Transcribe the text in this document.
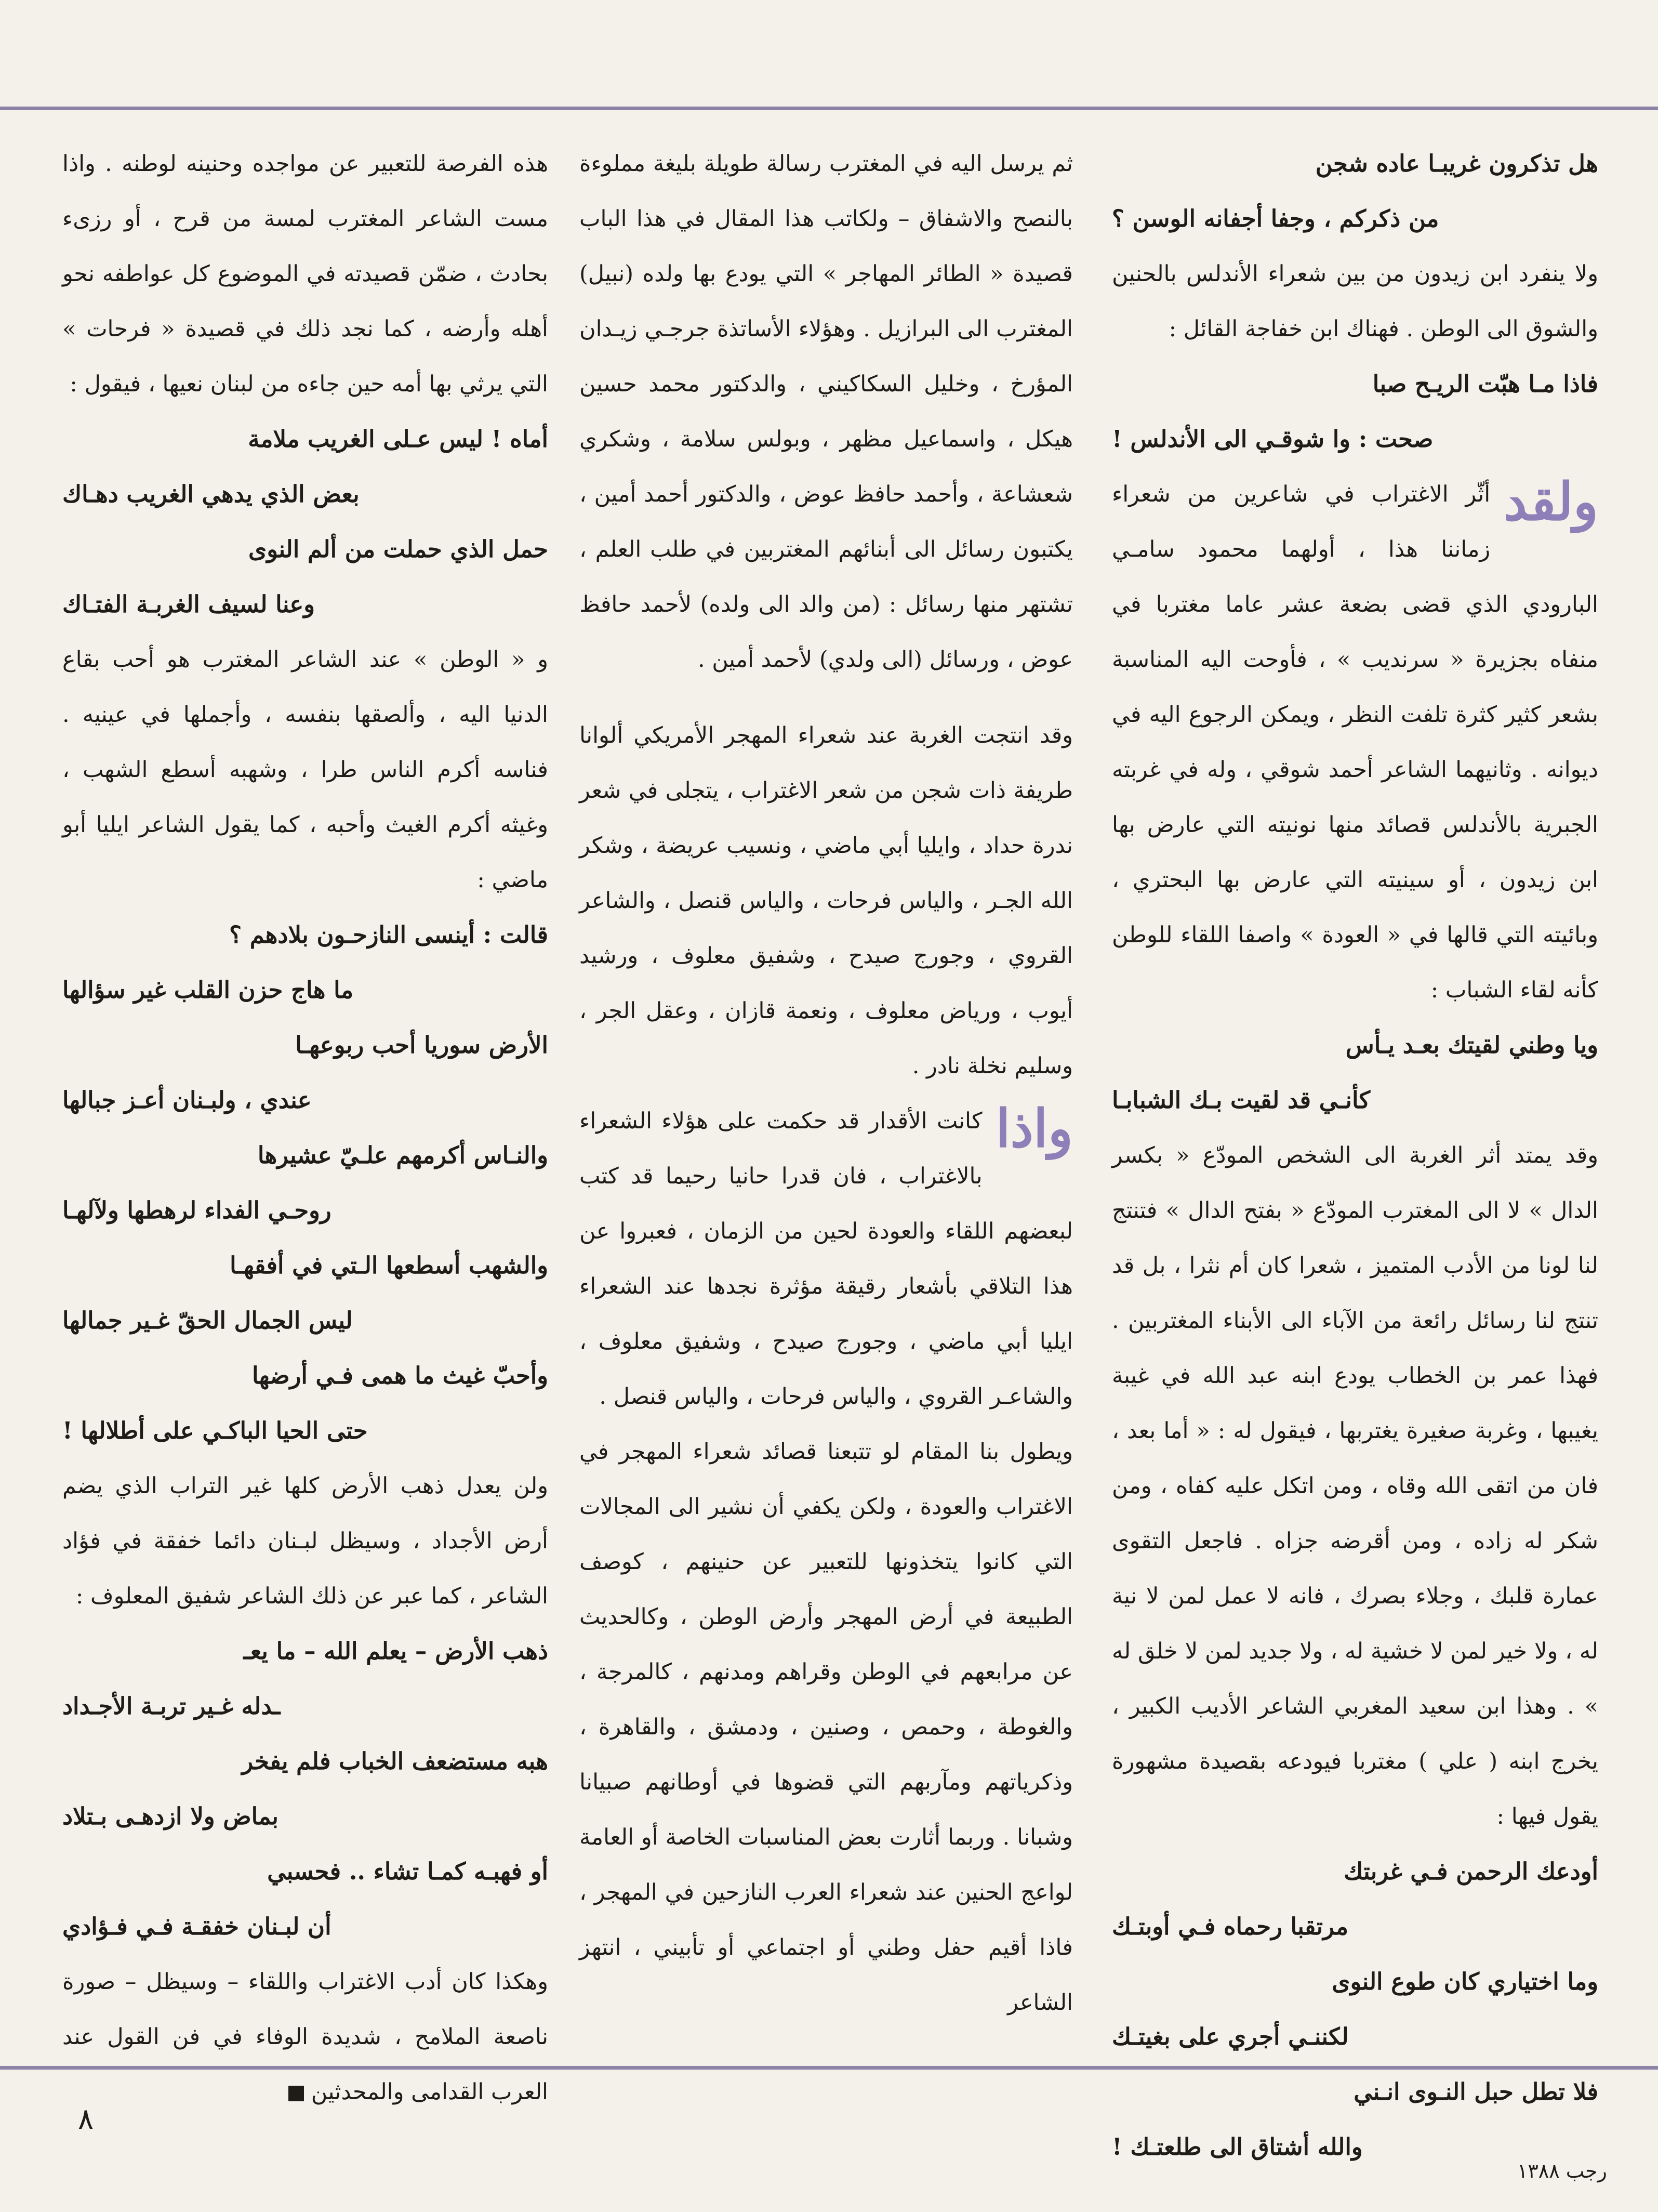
هل تذكرون غريبـا عاده شجن

من ذكركم ، وجفا أجفانه الوسن ؟

ولا ينفرد ابن زيدون من بين شعراء الأندلس بالحنين والشوق الى الوطن . فهناك ابن خفاجة القائل :

فاذا مـا هبّت الريـح صبا

صحت : وا شوقـي الى الأندلس !

ولقد
أثّر الاغتراب في شاعرين من شعراء زماننا هذا ، أولهما محمود سامـي البارودي الذي قضى بضعة عشر عاما مغتربا في منفاه بجزيرة « سرنديب » ، فأوحت اليه المناسبة بشعر كثير كثرة تلفت النظر ، ويمكن الرجوع اليه في ديوانه . وثانيهما الشاعر أحمد شوقي ، وله في غربته الجبرية بالأندلس قصائد منها نونيته التي عارض بها ابن زيدون ، أو سينيته التي عارض بها البحتري ، وبائيته التي قالها في « العودة » واصفا اللقاء للوطن كأنه لقاء الشباب :

ويا وطني لقيتك بعـد يـأس

كأنـي قد لقيت بـك الشبابـا

وقد يمتد أثر الغربة الى الشخص المودّع « بكسر الدال » لا الى المغترب المودّع « بفتح الدال » فتنتج لنا لونا من الأدب المتميز ، شعرا كان أم نثرا ، بل قد تنتج لنا رسائل رائعة من الآباء الى الأبناء المغتربين . فهذا عمر بن الخطاب يودع ابنه عبد الله في غيبة يغيبها ، وغربة صغيرة يغتربها ، فيقول له : « أما بعد ، فان من اتقى الله وقاه ، ومن اتكل عليه كفاه ، ومن شكر له زاده ، ومن أقرضه جزاه . فاجعل التقوى عمارة قلبك ، وجلاء بصرك ، فانه لا عمل لمن لا نية له ، ولا خير لمن لا خشية له ، ولا جديد لمن لا خلق له » . وهذا ابن سعيد المغربي الشاعر الأديب الكبير ، يخرج ابنه ( علي ) مغتربا فيودعه بقصيدة مشهورة يقول فيها :

أودعك الرحمن فـي غربتك

مرتقبا رحماه فـي أوبتـك

وما اختياري كان طوع النوى

لكننـي أجري على بغيتـك

فلا تطل حبل النـوى انـني

والله أشتاق الى طلعتـك !

ثم يرسل اليه في المغترب رسالة طويلة بليغة مملوءة بالنصح والاشفاق – ولكاتب هذا المقال في هذا الباب قصيدة « الطائر المهاجر » التي يودع بها ولده (نبيل) المغترب الى البرازيل . وهؤلاء الأساتذة جرجـي زيـدان المؤرخ ، وخليل السكاكيني ، والدكتور محمد حسين هيكل ، واسماعيل مظهر ، وبولس سلامة ، وشكري شعشاعة ، وأحمد حافظ عوض ، والدكتور أحمد أمين ، يكتبون رسائل الى أبنائهم المغتربين في طلب العلم ، تشتهر منها رسائل : (من والد الى ولده) لأحمد حافظ عوض ، ورسائل (الى ولدي) لأحمد أمين .

وقد انتجت الغربة عند شعراء المهجر الأمريكي ألوانا طريفة ذات شجن من شعر الاغتراب ، يتجلى في شعر ندرة حداد ، وايليا أبي ماضي ، ونسيب عريضة ، وشكر الله الجـر ، والياس فرحات ، والياس قنصل ، والشاعر القروي ، وجورج صيدح ، وشفيق معلوف ، ورشيد أيوب ، ورياض معلوف ، ونعمة قازان ، وعقل الجر ، وسليم نخلة نادر .

واذا
كانت الأقدار قد حكمت على هؤلاء الشعراء بالاغتراب ، فان قدرا حانيا رحيما قد كتب لبعضهم اللقاء والعودة لحين من الزمان ، فعبروا عن هذا التلاقي بأشعار رقيقة مؤثرة نجدها عند الشعراء ايليا أبي ماضي ، وجورج صيدح ، وشفيق معلوف ، والشاعـر القروي ، والياس فرحات ، والياس قنصل .

ويطول بنا المقام لو تتبعنا قصائد شعراء المهجر في الاغتراب والعودة ، ولكن يكفي أن نشير الى المجالات التي كانوا يتخذونها للتعبير عن حنينهم ، كوصف الطبيعة في أرض المهجر وأرض الوطن ، وكالحديث عن مرابعهم في الوطن وقراهم ومدنهم ، كالمرجة ، والغوطة ، وحمص ، وصنين ، ودمشق ، والقاهرة ، وذكرياتهم ومآربهم التي قضوها في أوطانهم صبيانا وشبانا . وربما أثارت بعض المناسبات الخاصة أو العامة لواعج الحنين عند شعراء العرب النازحين في المهجر ، فاذا أقيم حفل وطني أو اجتماعي أو تأبيني ، انتهز الشاعر

هذه الفرصة للتعبير عن مواجده وحنينه لوطنه . واذا مست الشاعر المغترب لمسة من قرح ، أو رزىء بحادث ، ضمّن قصيدته في الموضوع كل عواطفه نحو أهله وأرضه ، كما نجد ذلك في قصيدة « فرحات » التي يرثي بها أمه حين جاءه من لبنان نعيها ، فيقول :

أماه ! ليس عـلى الغريب ملامة

بعض الذي يدهي الغريب دهـاك

حمل الذي حملت من ألم النوى

وعنا لسيف الغربـة الفتـاك

و « الوطن » عند الشاعر المغترب هو أحب بقاع الدنيا اليه ، وألصقها بنفسه ، وأجملها في عينيه . فناسه أكرم الناس طرا ، وشهبه أسطع الشهب ، وغيثه أكرم الغيث وأحبه ، كما يقول الشاعر ايليا أبو ماضي :

قالت : أينسى النازحـون بلادهم ؟

ما هاج حزن القلب غير سؤالها

الأرض سوريا أحب ربوعهـا

عندي ، ولبـنان أعـز جبالها

والنـاس أكرمهم علـيّ عشيرها

روحـي الفداء لرهطها ولآلهـا

والشهب أسطعها الـتي في أفقهـا

ليس الجمال الحقّ غـير جمالها

وأحبّ غيث ما همى فـي أرضها

حتى الحيا الباكـي على أطلالها !

ولن يعدل ذهب الأرض كلها غير التراب الذي يضم أرض الأجداد ، وسيظل لبـنان دائما خفقة في فؤاد الشاعر ، كما عبر عن ذلك الشاعر شفيق المعلوف :

ذهب الأرض – يعلم الله – ما يعـ

ـدله غـير تربـة الأجـداد

هبه مستضعف الخباب فلم يفخر

بماض ولا ازدهـى بـتلاد

أو فهبـه كمـا تشاء .. فحسبي

أن لبـنان خفقـة فـي فـؤادي

وهكذا كان أدب الاغتراب واللقاء – وسيظل – صورة ناصعة الملامح ، شديدة الوفاء في فن القول عند العرب القدامى والمحدثين

٨
رجب ١٣٨٨
